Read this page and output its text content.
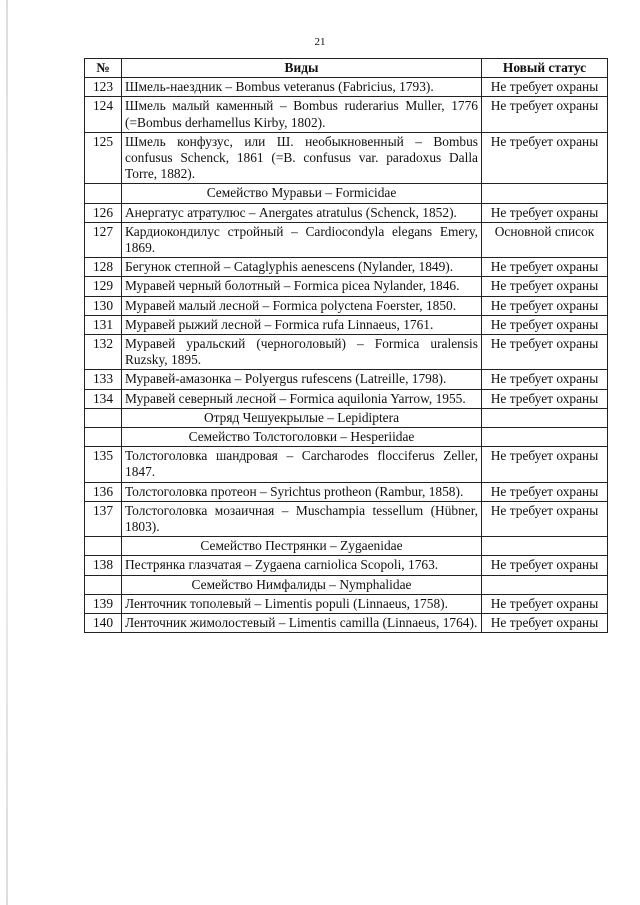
21
№	Виды	Новый статус
123	Шмель-наездник – Bombus veteranus (Fabricius, 1793).	Не требует охраны
124	Шмель малый каменный – Bombus ruderarius Muller, 1776 (=Bombus derhamellus Kirby, 1802).	Не требует охраны
125	Шмель конфузус, или Ш. необыкновенный – Bombus confusus Schenck, 1861 (=B. confusus var. paradoxus Dalla Torre, 1882).	Не требует охраны
	Семейство Муравьи – Formicidae	
126	Анергатус атратулюс – Anergates atratulus (Schenck, 1852).	Не требует охраны
127	Кардиокондилус стройный – Cardiocondyla elegans Emery, 1869.	Основной список
128	Бегунок степной – Cataglyphis aenescens (Nylander, 1849).	Не требует охраны
129	Муравей черный болотный – Formica picea Nylander, 1846.	Не требует охраны
130	Муравей малый лесной – Formica polyctena Foerster, 1850.	Не требует охраны
131	Муравей рыжий лесной – Formica rufa Linnaeus, 1761.	Не требует охраны
132	Муравей уральский (черноголовый) – Formica uralensis Ruzsky, 1895.	Не требует охраны
133	Муравей-амазонка – Polyergus rufescens (Latreille, 1798).	Не требует охраны
134	Муравей северный лесной – Formica aquilonia Yarrow, 1955.	Не требует охраны
	Отряд Чешуекрылые – Lepidiptera	
	Семейство Толстоголовки – Hesperiidae	
135	Толстоголовка шандровая – Carcharodes flocciferus Zeller, 1847.	Не требует охраны
136	Толстоголовка протеон – Syrichtus protheon (Rambur, 1858).	Не требует охраны
137	Толстоголовка мозаичная – Muschampia tessellum (Hübner, 1803).	Не требует охраны
	Семейство Пестрянки – Zygaenidae	
138	Пестрянка глазчатая – Zygaena carniolica Scopoli, 1763.	Не требует охраны
	Семейство Нимфалиды – Nymphalidae	
139	Ленточник тополевый – Limentis populi (Linnaeus, 1758).	Не требует охраны
140	Ленточник жимолостевый – Limentis camilla (Linnaeus, 1764).	Не требует охраны
